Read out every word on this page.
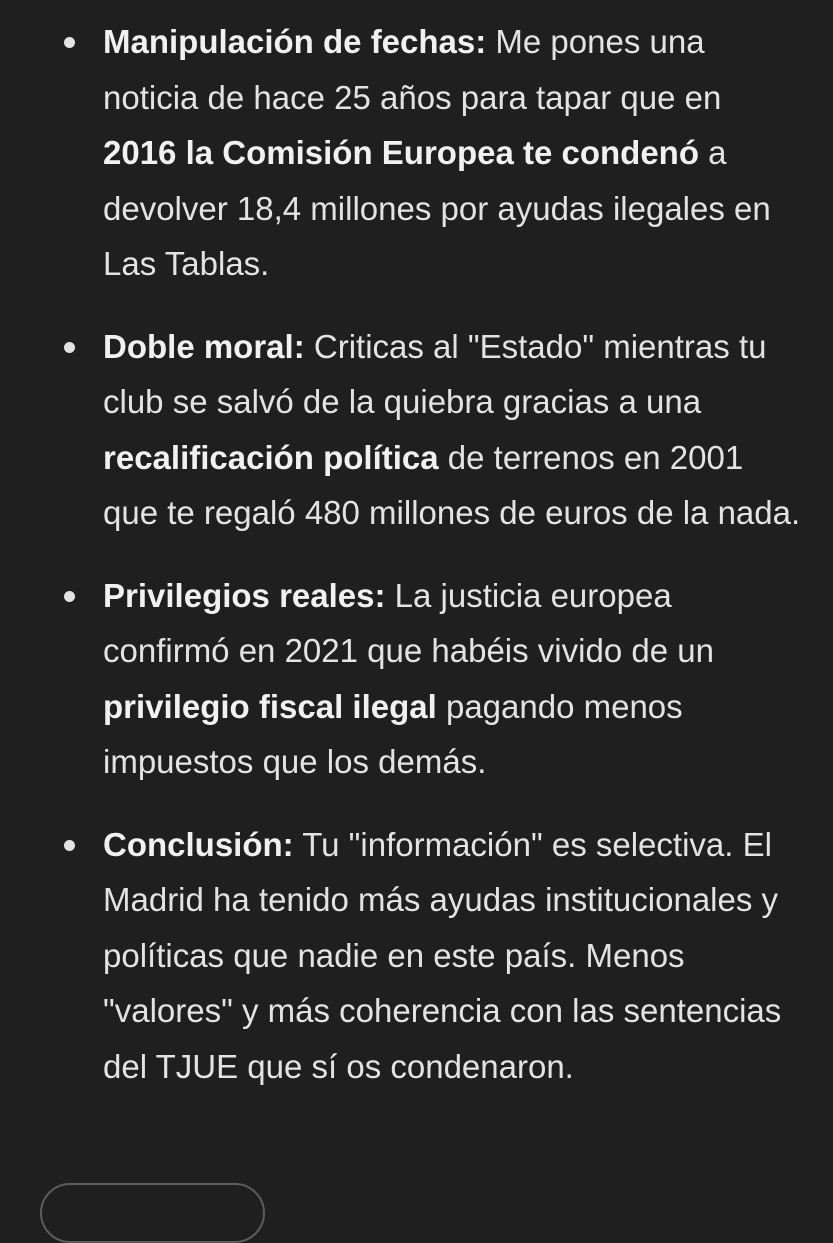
Manipulación de fechas: Me pones una noticia de hace 25 años para tapar que en 2016 la Comisión Europea te condenó a devolver 18,4 millones por ayudas ilegales en Las Tablas.
Doble moral: Criticas al "Estado" mientras tu club se salvó de la quiebra gracias a una recalificación política de terrenos en 2001 que te regaló 480 millones de euros de la nada.
Privilegios reales: La justicia europea confirmó en 2021 que habéis vivido de un privilegio fiscal ilegal pagando menos impuestos que los demás.
Conclusión: Tu "información" es selectiva. El Madrid ha tenido más ayudas institucionales y políticas que nadie en este país. Menos "valores" y más coherencia con las sentencias del TJUE que sí os condenaron.
